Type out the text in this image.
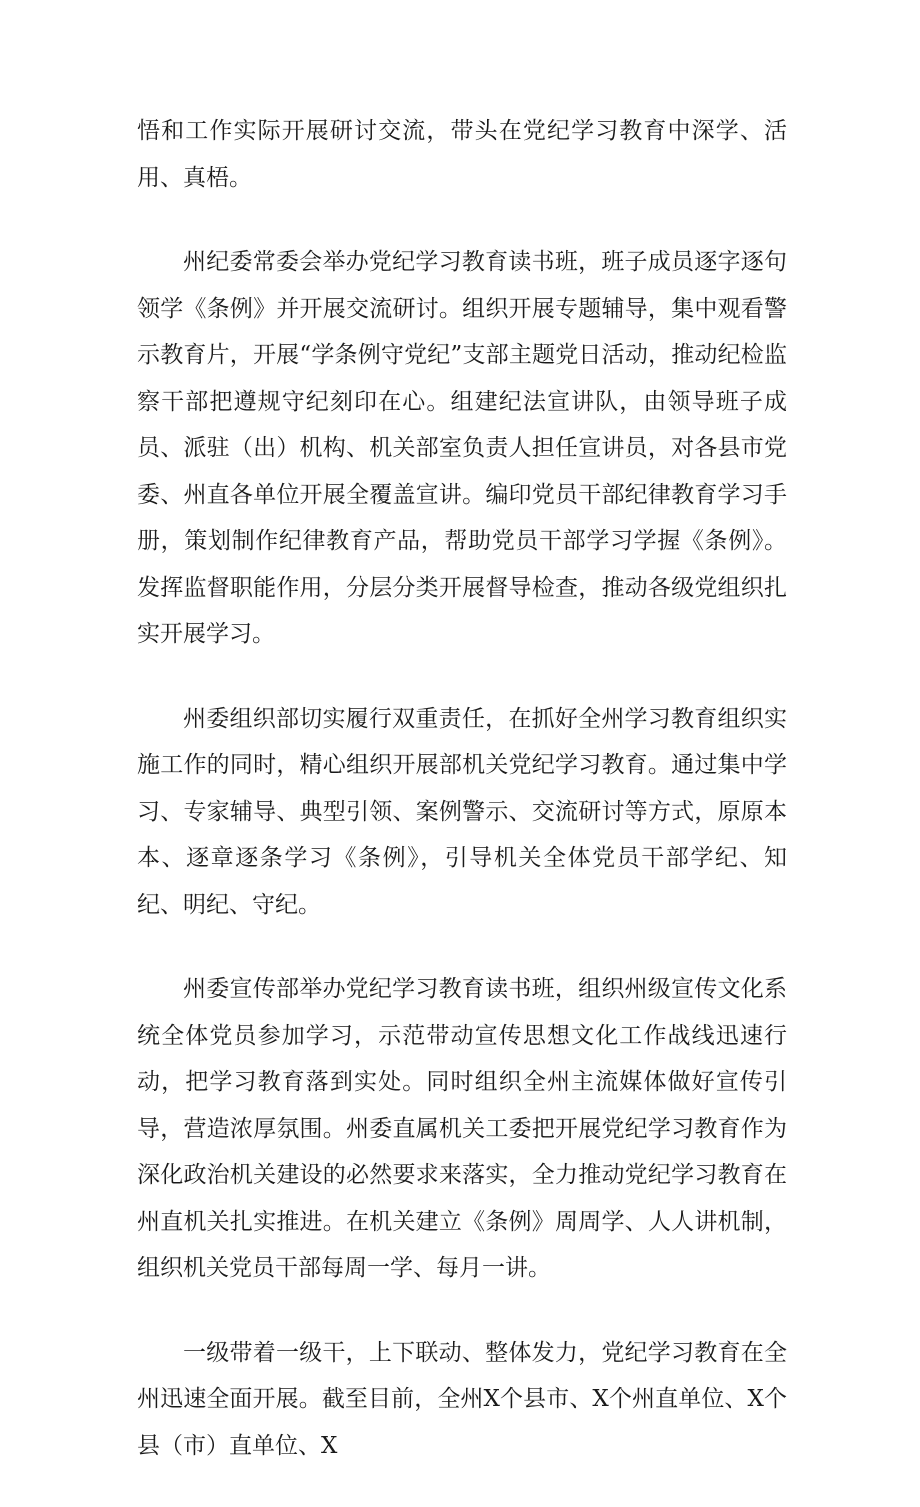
悟和工作实际开展研讨交流，带头在党纪学习教育中深学、活用、真梧。

州纪委常委会举办党纪学习教育读书班，班子成员逐字逐句领学《条例》并开展交流研讨。组织开展专题辅导，集中观看警示教育片，开展“学条例守党纪”支部主题党日活动，推动纪检监察干部把遵规守纪刻印在心。组建纪法宣讲队，由领导班子成员、派驻（出）机构、机关部室负责人担任宣讲员，对各县市党委、州直各单位开展全覆盖宣讲。编印党员干部纪律教育学习手册，策划制作纪律教育产品，帮助党员干部学习学握《条例》。发挥监督职能作用，分层分类开展督导检查，推动各级党组织扎实开展学习。

州委组织部切实履行双重责任，在抓好全州学习教育组织实施工作的同时，精心组织开展部机关党纪学习教育。通过集中学习、专家辅导、典型引领、案例警示、交流研讨等方式，原原本本、逐章逐条学习《条例》，引导机关全体党员干部学纪、知纪、明纪、守纪。

州委宣传部举办党纪学习教育读书班，组织州级宣传文化系统全体党员参加学习，示范带动宣传思想文化工作战线迅速行动，把学习教育落到实处。同时组织全州主流媒体做好宣传引导，营造浓厚氛围。州委直属机关工委把开展党纪学习教育作为深化政治机关建设的必然要求来落实，全力推动党纪学习教育在州直机关扎实推进。在机关建立《条例》周周学、人人讲机制，组织机关党员干部每周一学、每月一讲。

一级带着一级干，上下联动、整体发力，党纪学习教育在全州迅速全面开展。截至目前，全州X个县市、X个州直单位、X个县（市）直单位、X
